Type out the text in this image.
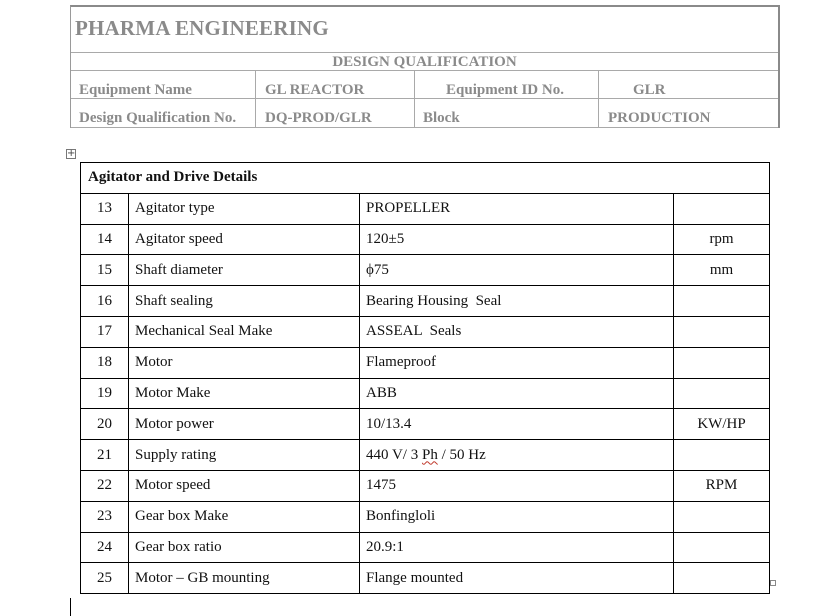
PHARMA ENGINEERING
DESIGN QUALIFICATION
Equipment Name	GL REACTOR	Equipment ID No.	GLR
Design Qualification No. DQ-PROD/GLR	Block	PRODUCTION
+
Agitator and Drive Details			
13	Agitator type	PROPELLER	
14	Agitator speed	120±5	rpm
15	Shaft diameter	ϕ75	mm
16	Shaft sealing	Bearing Housing  Seal	
17	Mechanical Seal Make	ASSEAL  Seals	
18	Motor	Flameproof	
19	Motor Make	ABB	
20	Motor power	10/13.4	KW/HP
21	Supply rating	440 V/ 3 Ph / 50 Hz	
22	Motor speed	1475	RPM
23	Gear box Make	Bonfingloli	
24	Gear box ratio	20.9:1	
25	Motor – GB mounting	Flange mounted	
